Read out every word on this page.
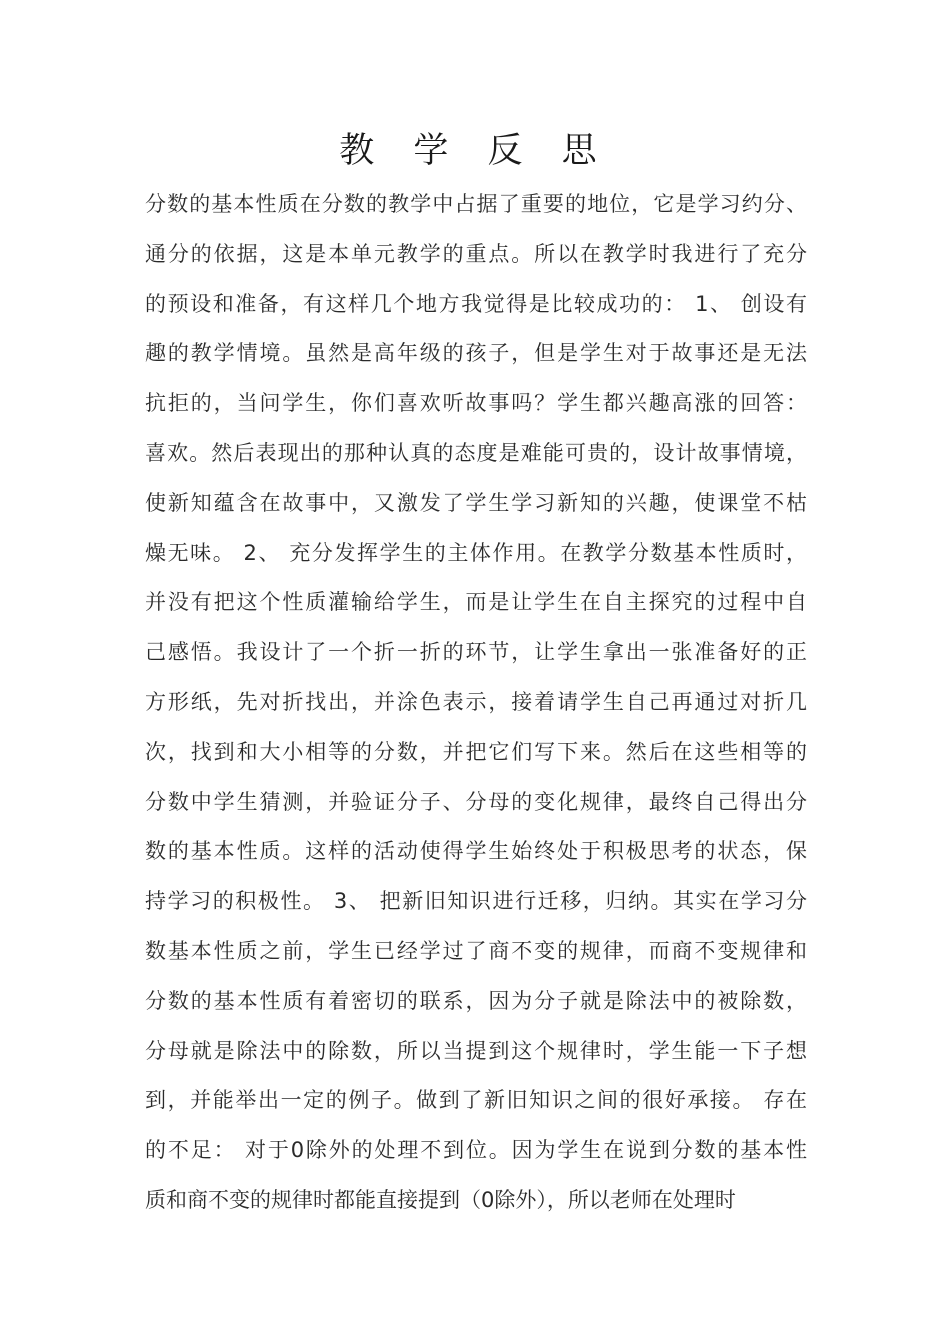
教 学 反 思
分数的基本性质在分数的教学中占据了重要的地位，它是学习约分、
通分的依据，这是本单元教学的重点。所以在教学时我进行了充分
的预设和准备，有这样几个地方我觉得是比较成功的： 1、 创设有
趣的教学情境。虽然是高年级的孩子，但是学生对于故事还是无法
抗拒的，当问学生，你们喜欢听故事吗？学生都兴趣高涨的回答：
喜欢。然后表现出的那种认真的态度是难能可贵的，设计故事情境，
使新知蕴含在故事中，又激发了学生学习新知的兴趣，使课堂不枯
燥无味。 2、 充分发挥学生的主体作用。在教学分数基本性质时，
并没有把这个性质灌输给学生，而是让学生在自主探究的过程中自
己感悟。我设计了一个折一折的环节，让学生拿出一张准备好的正
方形纸，先对折找出，并涂色表示，接着请学生自己再通过对折几
次，找到和大小相等的分数，并把它们写下来。然后在这些相等的
分数中学生猜测，并验证分子、分母的变化规律，最终自己得出分
数的基本性质。这样的活动使得学生始终处于积极思考的状态，保
持学习的积极性。 3、 把新旧知识进行迁移，归纳。其实在学习分
数基本性质之前，学生已经学过了商不变的规律，而商不变规律和
分数的基本性质有着密切的联系，因为分子就是除法中的被除数，
分母就是除法中的除数，所以当提到这个规律时，学生能一下子想
到，并能举出一定的例子。做到了新旧知识之间的很好承接。 存在
的不足： 对于0除外的处理不到位。因为学生在说到分数的基本性
质和商不变的规律时都能直接提到（0除外），所以老师在处理时
